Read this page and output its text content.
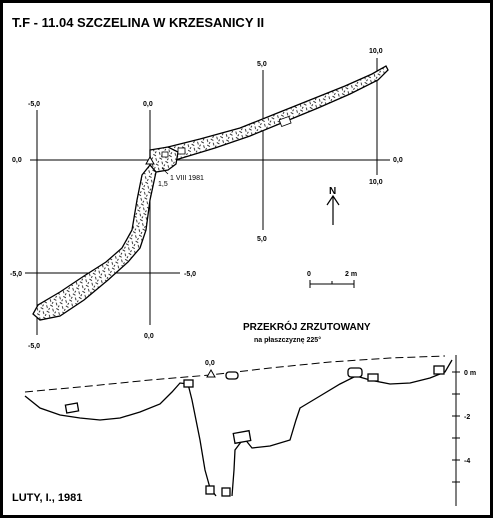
T.F - 11.04 SZCZELINA W KRZESANICY II
-5,0	0,0
5,0
10,0
0,0	0,0
10,0
5,0
-5,0	-5,0
0,0
-5,0
1,5
1 VIII 1981
N
0	2 m
PRZEKRÓJ ZRZUTOWANY
na płaszczyznę 225°
0,0
0 m
-2
-4
LUTY, I., 1981
